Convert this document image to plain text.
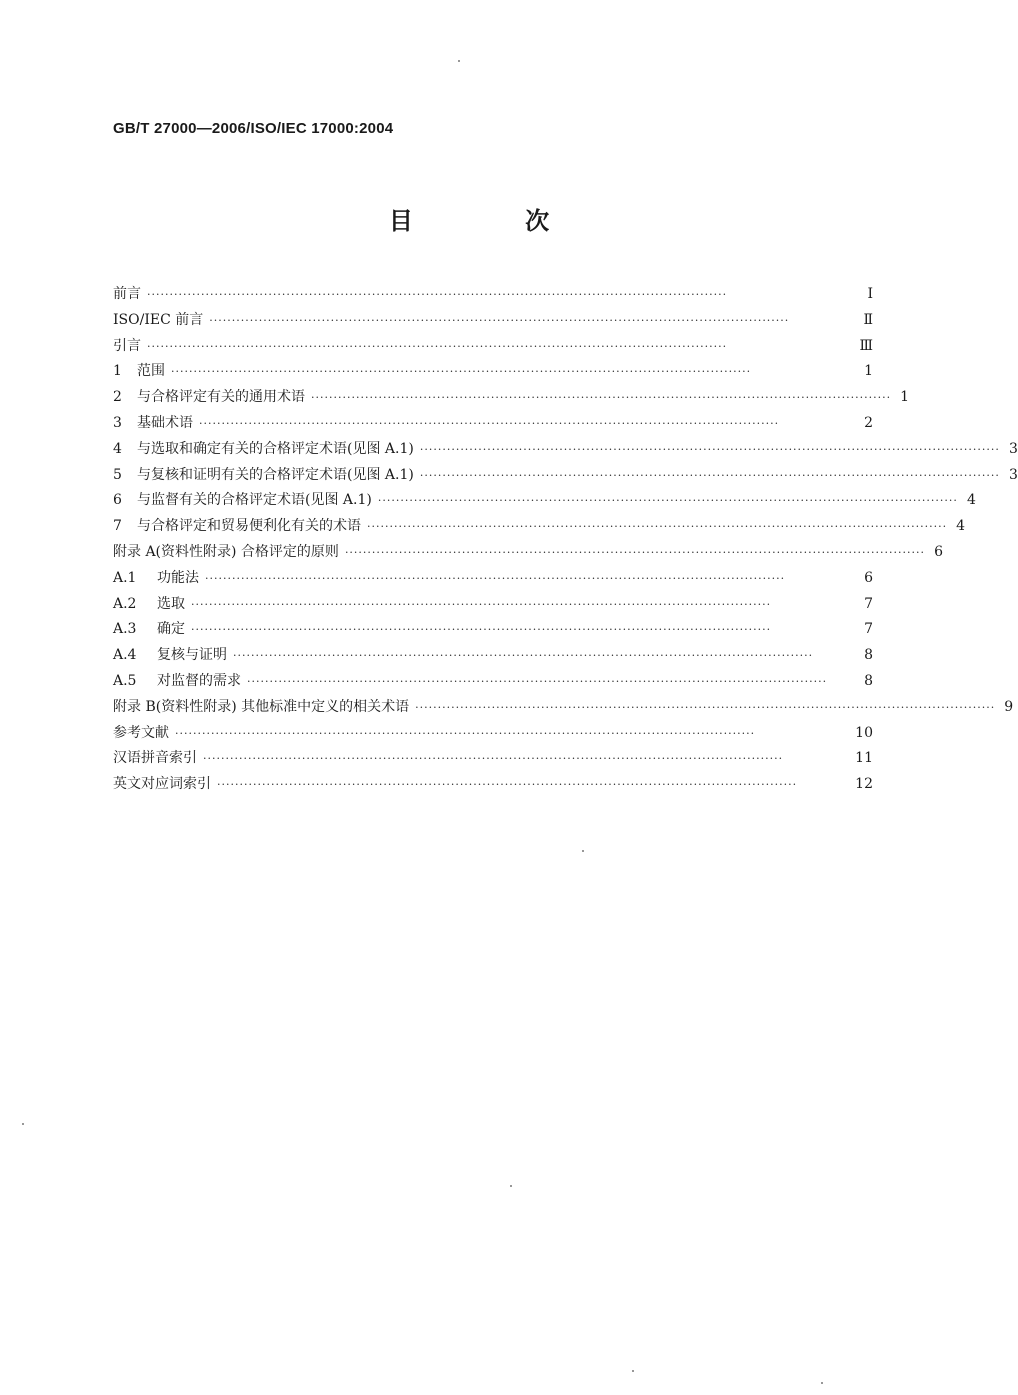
GB/T 27000—2006/ISO/IEC 17000:2004
目 次
前言 ·································································································································	Ⅰ
ISO/IEC 前言 ·································································································································	Ⅱ
引言 ·································································································································	Ⅲ
1 范围 ·································································································································	1
2 与合格评定有关的通用术语 ································································································································· 1
3 基础术语 ·································································································································	2
4 与选取和确定有关的合格评定术语(见图 A.1) ································································································································· 3
5 与复核和证明有关的合格评定术语(见图 A.1) ································································································································· 3
6 与监督有关的合格评定术语(见图 A.1) ································································································································· 4
7 与合格评定和贸易便利化有关的术语 ································································································································· 4
附录 A(资料性附录) 合格评定的原则 ································································································································· 6
A.1 功能法 ·································································································································	6
A.2 选取 ·································································································································	7
A.3 确定 ·································································································································	7
A.4 复核与证明 ·································································································································	8
A.5 对监督的需求 ·································································································································	8
附录 B(资料性附录) 其他标准中定义的相关术语 ································································································································· 9
参考文献 ·································································································································	10
汉语拼音索引 ·································································································································	11
英文对应词索引 ·································································································································	12
